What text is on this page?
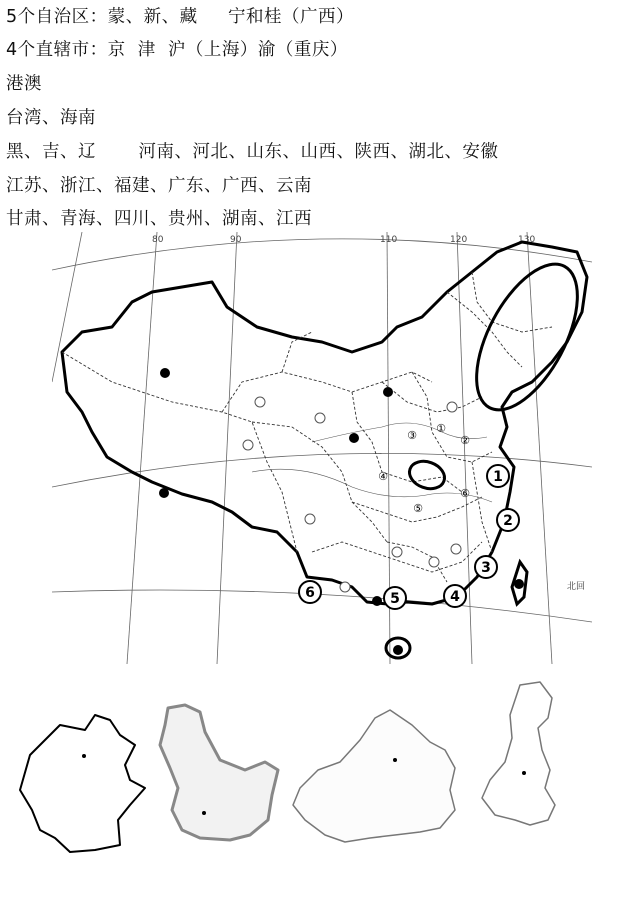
5个自治区：蒙、新、藏     宁和桂（广西）
4个直辖市：京  津  沪（上海）渝（重庆）
港澳
台湾、海南
黑、吉、辽       河南、河北、山东、山西、陕西、湖北、安徽
江苏、浙江、福建、广东、广西、云南
甘肃、青海、四川、贵州、湖南、江西
80	90	110	120	130
①
②
③
④
⑤
⑥
1
2
3
4
5
6	北回
